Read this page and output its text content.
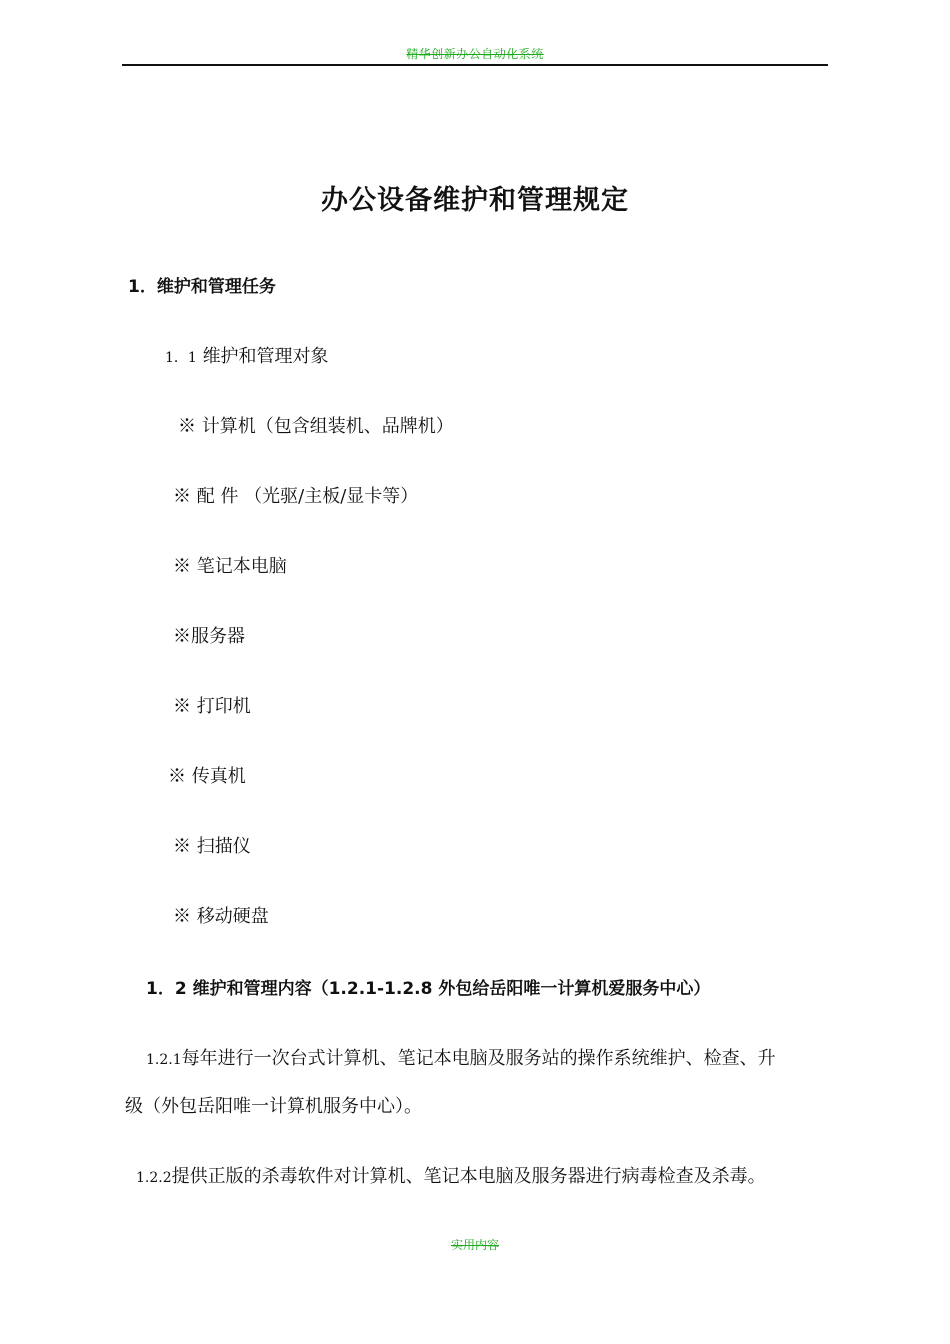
精华创新办公自动化系统
办公设备维护和管理规定
1．维护和管理任务
1．1 维护和管理对象
※ 计算机（包含组装机、品牌机）
※ 配 件 （光驱/主板/显卡等）
※ 笔记本电脑
※服务器
※ 打印机
※ 传真机
※ 扫描仪
※ 移动硬盘
1．2 维护和管理内容（1.2.1-1.2.8 外包给岳阳唯一计算机爱服务中心）
1.2.1每年进行一次台式计算机、笔记本电脑及服务站的操作系统维护、检查、升
级（外包岳阳唯一计算机服务中心）。
1.2.2提供正版的杀毒软件对计算机、笔记本电脑及服务器进行病毒检查及杀毒。
实用内容
